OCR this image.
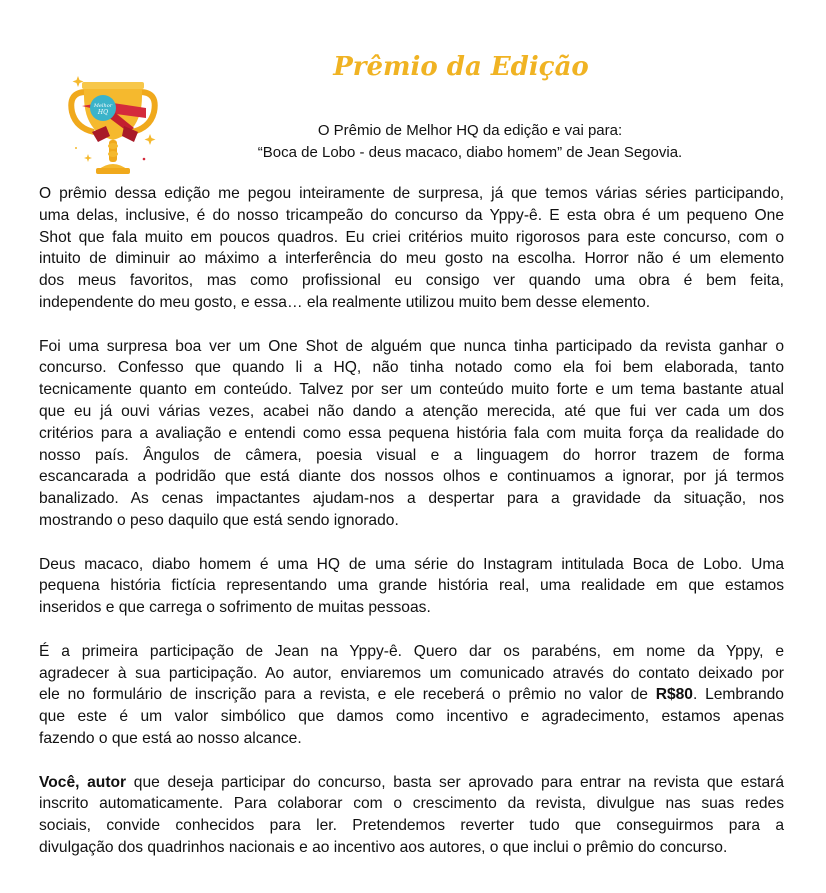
Melhor
HQ
Prêmio da Edição
O Prêmio de Melhor HQ da edição e vai para:
“Boca de Lobo - deus macaco, diabo homem” de Jean Segovia.

O prêmio dessa edição me pegou inteiramente de surpresa, já que temos várias séries participando,
uma delas, inclusive, é do nosso tricampeão do concurso da Yppy-ê. E esta obra é um pequeno One
Shot que fala muito em poucos quadros. Eu criei critérios muito rigorosos para este concurso, com o
intuito de diminuir ao máximo a interferência do meu gosto na escolha. Horror não é um elemento
dos meus favoritos, mas como profissional eu consigo ver quando uma obra é bem feita,
independente do meu gosto, e essa… ela realmente utilizou muito bem desse elemento.

Foi uma surpresa boa ver um One Shot de alguém que nunca tinha participado da revista ganhar o
concurso. Confesso que quando li a HQ, não tinha notado como ela foi bem elaborada, tanto
tecnicamente quanto em conteúdo. Talvez por ser um conteúdo muito forte e um tema bastante atual
que eu já ouvi várias vezes, acabei não dando a atenção merecida, até que fui ver cada um dos
critérios para a avaliação e entendi como essa pequena história fala com muita força da realidade do
nosso país. Ângulos de câmera, poesia visual e a linguagem do horror trazem de forma
escancarada a podridão que está diante dos nossos olhos e continuamos a ignorar, por já termos
banalizado. As cenas impactantes ajudam-nos a despertar para a gravidade da situação, nos
mostrando o peso daquilo que está sendo ignorado.

Deus macaco, diabo homem é uma HQ de uma série do Instagram intitulada Boca de Lobo. Uma
pequena história fictícia representando uma grande história real, uma realidade em que estamos
inseridos e que carrega o sofrimento de muitas pessoas.

É a primeira participação de Jean na Yppy-ê. Quero dar os parabéns, em nome da Yppy, e
agradecer à sua participação. Ao autor, enviaremos um comunicado através do contato deixado por
ele no formulário de inscrição para a revista, e ele receberá o prêmio no valor de R$80. Lembrando
que este é um valor simbólico que damos como incentivo e agradecimento, estamos apenas
fazendo o que está ao nosso alcance.

Você, autor que deseja participar do concurso, basta ser aprovado para entrar na revista que estará
inscrito automaticamente. Para colaborar com o crescimento da revista, divulgue nas suas redes
sociais, convide conhecidos para ler. Pretendemos reverter tudo que conseguirmos para a
divulgação dos quadrinhos nacionais e ao incentivo aos autores, o que inclui o prêmio do concurso.
